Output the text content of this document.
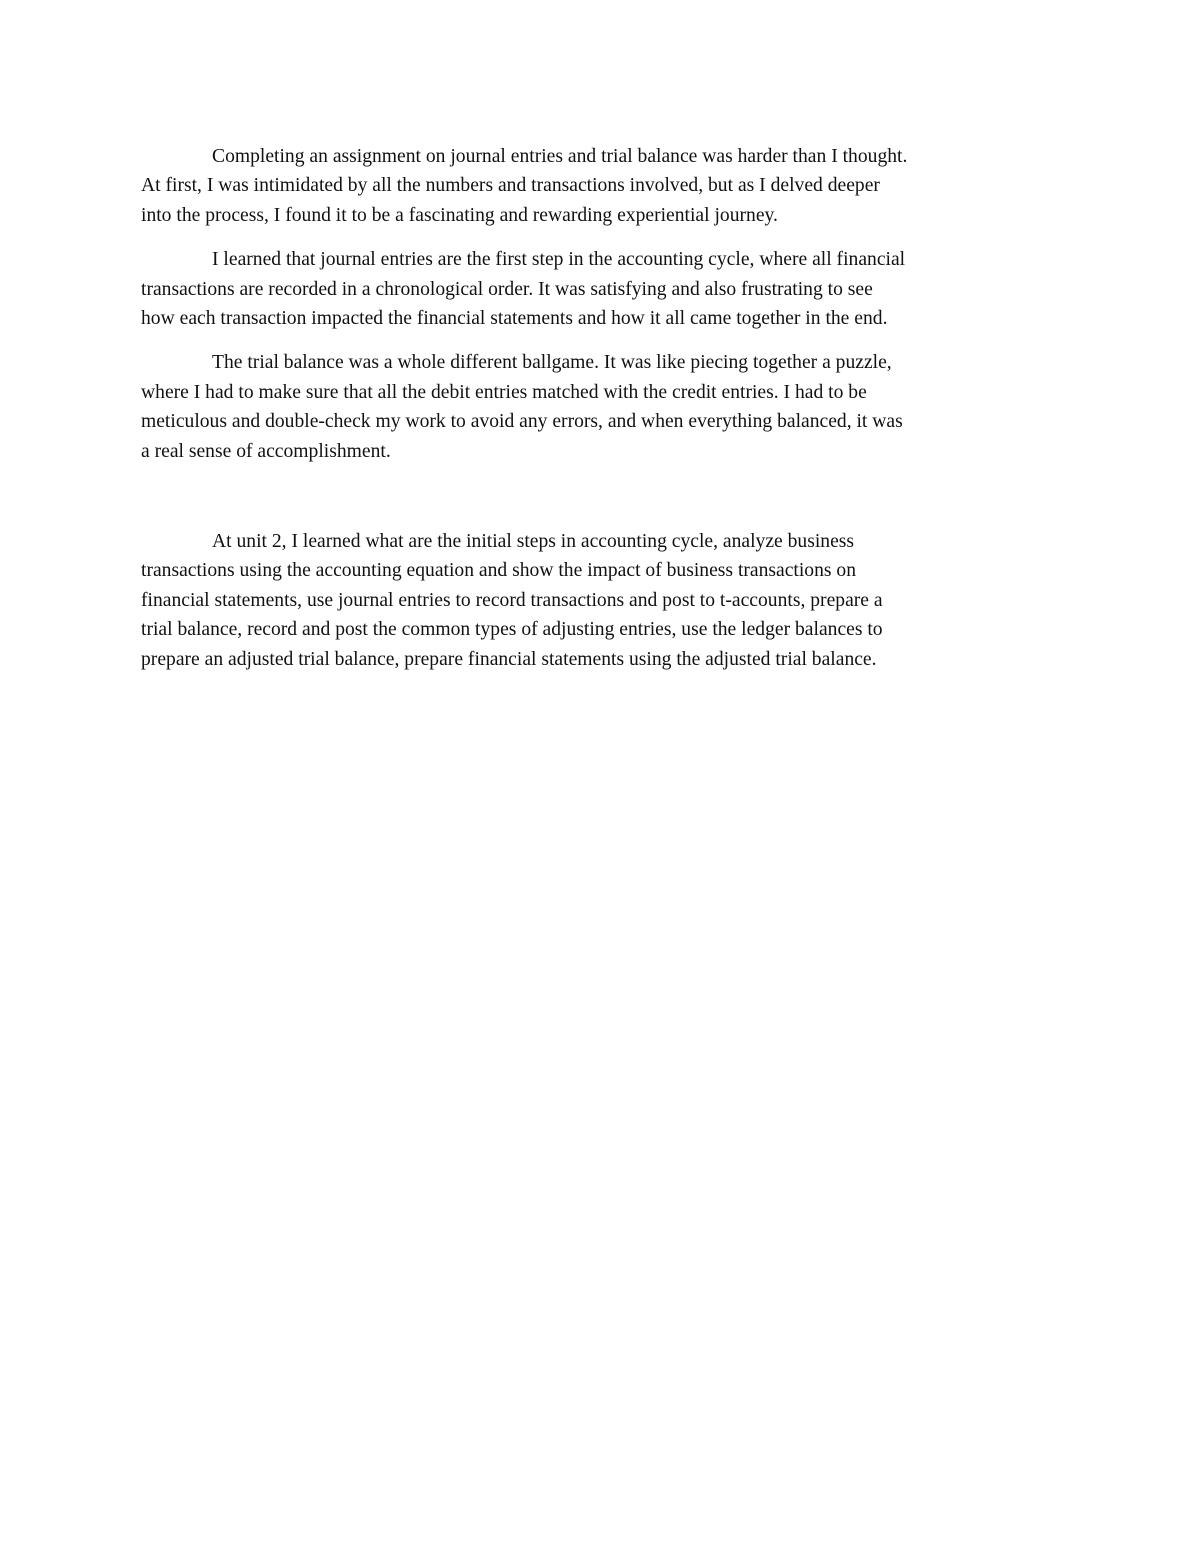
Completing an assignment on journal entries and trial balance was harder than I thought.
At first, I was intimidated by all the numbers and transactions involved, but as I delved deeper
into the process, I found it to be a fascinating and rewarding experiential journey.

I learned that journal entries are the first step in the accounting cycle, where all financial
transactions are recorded in a chronological order. It was satisfying and also frustrating to see
how each transaction impacted the financial statements and how it all came together in the end.

The trial balance was a whole different ballgame. It was like piecing together a puzzle,
where I had to make sure that all the debit entries matched with the credit entries. I had to be
meticulous and double-check my work to avoid any errors, and when everything balanced, it was
a real sense of accomplishment.

At unit 2, I learned what are the initial steps in accounting cycle, analyze business
transactions using the accounting equation and show the impact of business transactions on
financial statements, use journal entries to record transactions and post to t-accounts, prepare a
trial balance, record and post the common types of adjusting entries, use the ledger balances to
prepare an adjusted trial balance, prepare financial statements using the adjusted trial balance.
